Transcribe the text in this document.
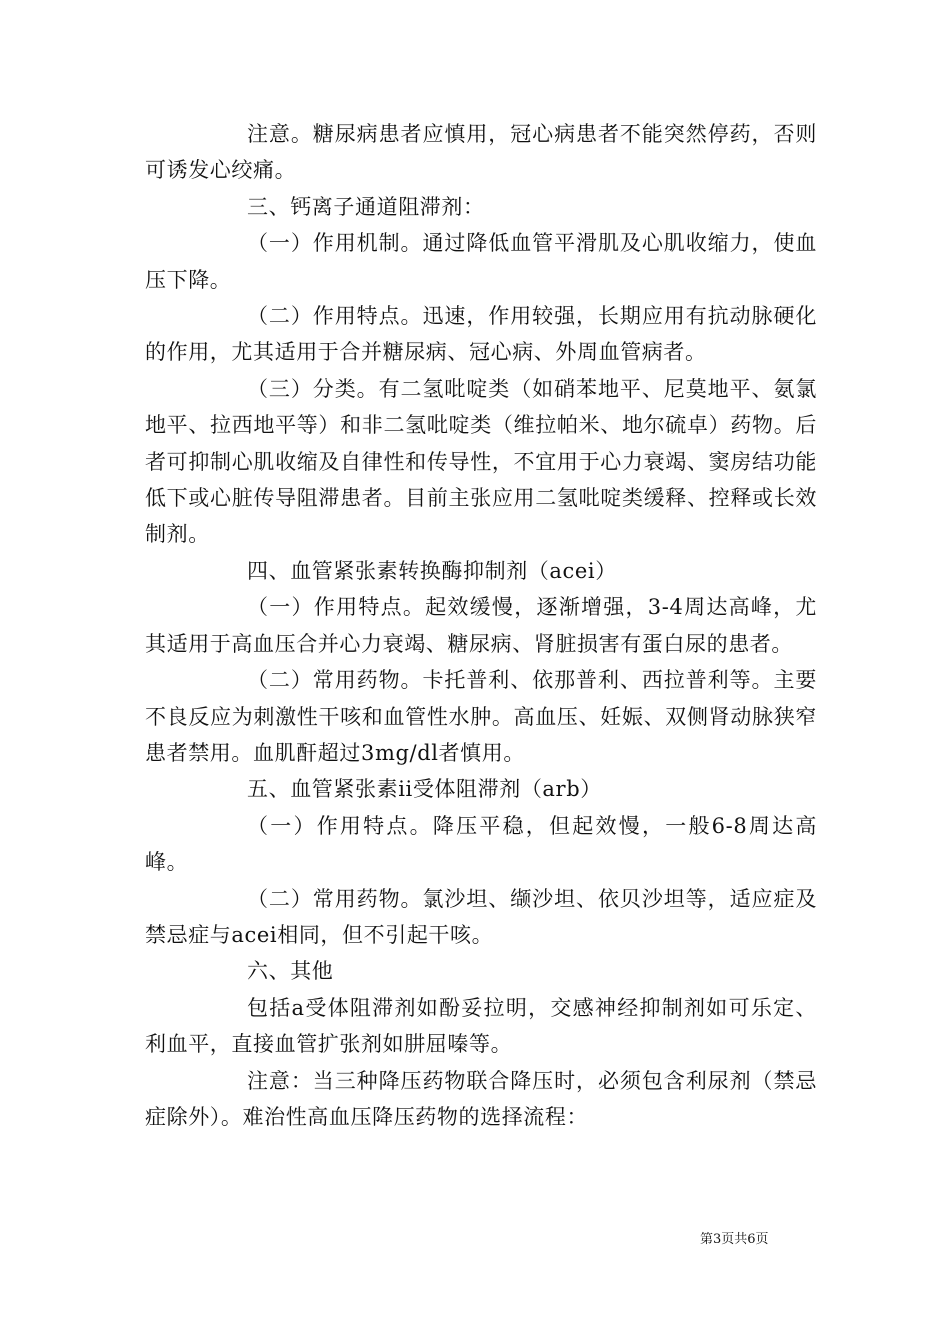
注意。糖尿病患者应慎用，冠心病患者不能突然停药，否则可诱发心绞痛。

三、钙离子通道阻滞剂：

（一）作用机制。通过降低血管平滑肌及心肌收缩力，使血压下降。

（二）作用特点。迅速，作用较强，长期应用有抗动脉硬化的作用，尤其适用于合并糖尿病、冠心病、外周血管病者。

（三）分类。有二氢吡啶类（如硝苯地平、尼莫地平、氨氯地平、拉西地平等）和非二氢吡啶类（维拉帕米、地尔硫卓）药物。后者可抑制心肌收缩及自律性和传导性，不宜用于心力衰竭、窦房结功能低下或心脏传导阻滞患者。目前主张应用二氢吡啶类缓释、控释或长效制剂。

四、血管紧张素转换酶抑制剂（acei）

（一）作用特点。起效缓慢，逐渐增强，3-4周达高峰，尤其适用于高血压合并心力衰竭、糖尿病、肾脏损害有蛋白尿的患者。

（二）常用药物。卡托普利、依那普利、西拉普利等。主要不良反应为刺激性干咳和血管性水肿。高血压、妊娠、双侧肾动脉狭窄患者禁用。血肌酐超过3mg/dl者慎用。

五、血管紧张素ii受体阻滞剂（arb）

（一）作用特点。降压平稳，但起效慢，一般6-8周达高峰。

（二）常用药物。氯沙坦、缬沙坦、依贝沙坦等，适应症及禁忌症与acei相同，但不引起干咳。

六、其他

包括a受体阻滞剂如酚妥拉明，交感神经抑制剂如可乐定、利血平，直接血管扩张剂如肼屈嗪等。

注意：当三种降压药物联合降压时，必须包含利尿剂（禁忌症除外）。难治性高血压降压药物的选择流程：

第3页共6页
